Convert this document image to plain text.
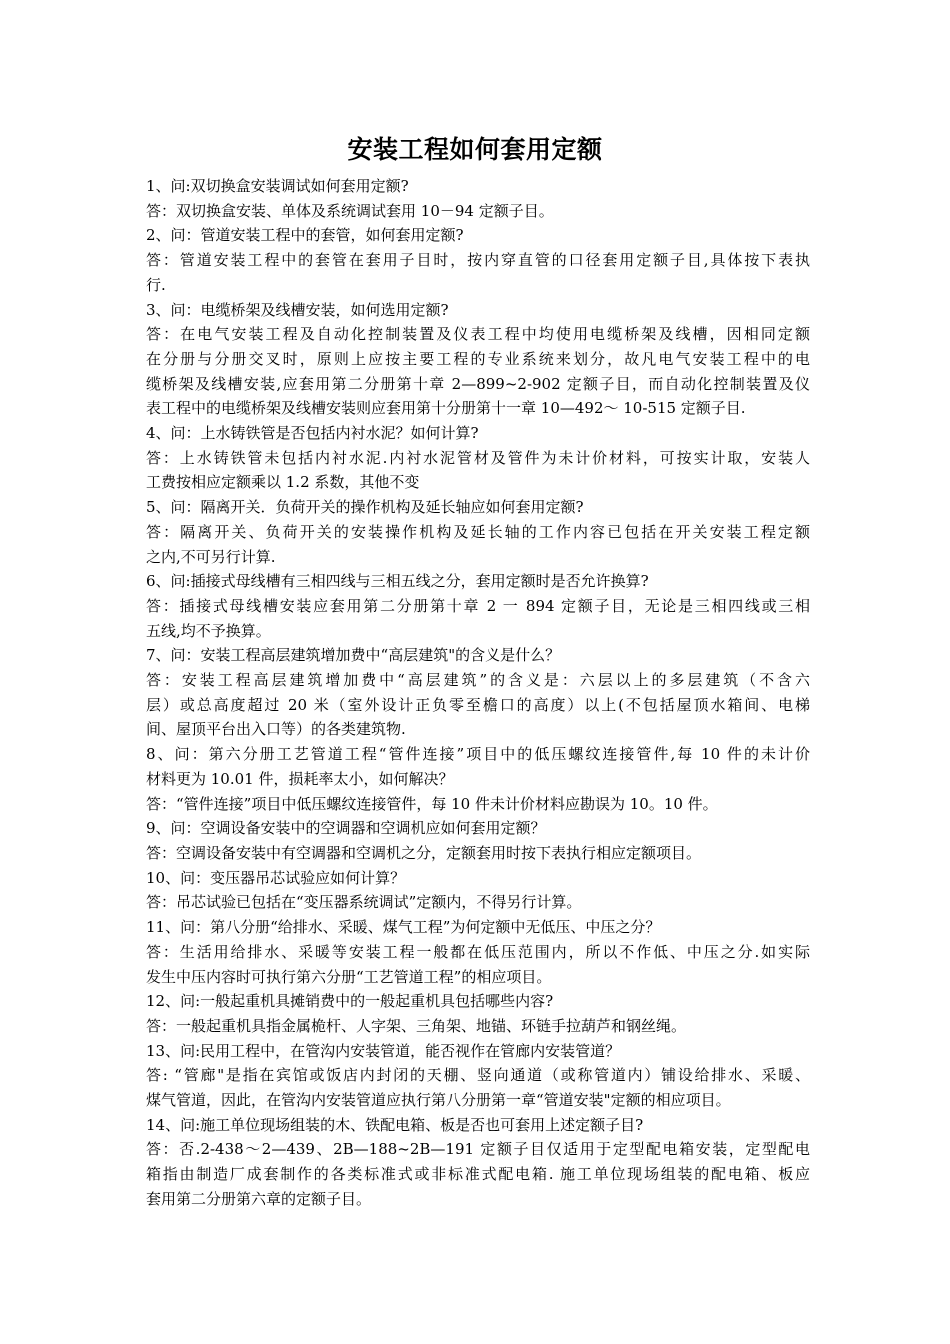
安装工程如何套用定额
1、问:双切换盒安装调试如何套用定额?
答：双切换盒安装、单体及系统调试套用 10－94 定额子目。
2、问：管道安装工程中的套管，如何套用定额?
答：管道安装工程中的套管在套用子目时，按内穿直管的口径套用定额子目,具体按下表执
行.
3、问：电缆桥架及线槽安装，如何选用定额?
答：在电气安装工程及自动化控制装置及仪表工程中均使用电缆桥架及线槽，因相同定额
在分册与分册交叉时，原则上应按主要工程的专业系统来划分，故凡电气安装工程中的电
缆桥架及线槽安装,应套用第二分册第十章 2—899~2-902 定额子目，而自动化控制装置及仪
表工程中的电缆桥架及线槽安装则应套用第十分册第十一章 10—492～ 10-515 定额子目.
4、问：上水铸铁管是否包括内衬水泥？如何计算?
答：上水铸铁管未包括内衬水泥.内衬水泥管材及管件为未计价材料，可按实计取，安装人
工费按相应定额乘以 1.2 系数，其他不变
5、问：隔离开关．负荷开关的操作机构及延长轴应如何套用定额?
答：隔离开关、负荷开关的安装操作机构及延长轴的工作内容已包括在开关安装工程定额
之内,不可另行计算.
6、问:插接式母线槽有三相四线与三相五线之分，套用定额时是否允许换算?
答：插接式母线槽安装应套用第二分册第十章 2 一 894 定额子目，无论是三相四线或三相
五线,均不予换算。
7、问：安装工程高层建筑增加费中“高层建筑"的含义是什么？
答：安装工程高层建筑增加费中“高层建筑”的含义是：六层以上的多层建筑（不含六
层）或总高度超过 20 米（室外设计正负零至檐口的高度）以上(不包括屋顶水箱间、电梯
间、屋顶平台出入口等）的各类建筑物.
8、问：第六分册工艺管道工程“管件连接”项目中的低压螺纹连接管件,每 10 件的未计价
材料更为 10.01 件，损耗率太小，如何解决？
答：“管件连接”项目中低压螺纹连接管件，每 10 件未计价材料应勘误为 10。10 件。
9、问：空调设备安装中的空调器和空调机应如何套用定额？
答：空调设备安装中有空调器和空调机之分，定额套用时按下表执行相应定额项目。
10、问：变压器吊芯试验应如何计算？
答：吊芯试验已包括在“变压器系统调试”定额内，不得另行计算。
11、问：第八分册“给排水、采暖、煤气工程”为何定额中无低压、中压之分？
答：生活用给排水、采暖等安装工程一般都在低压范围内，所以不作低、中压之分.如实际
发生中压内容时可执行第六分册“工艺管道工程”的相应项目。
12、问:一般起重机具摊销费中的一般起重机具包括哪些内容?
答：一般起重机具指金属桅杆、人字架、三角架、地锚、环链手拉葫芦和钢丝绳。
13、问:民用工程中，在管沟内安装管道，能否视作在管廊内安装管道？
答: “管廊"是指在宾馆或饭店内封闭的天棚、竖向通道（或称管道内）铺设给排水、采暖、
煤气管道，因此，在管沟内安装管道应执行第八分册第一章“管道安装"定额的相应项目。
14、问:施工单位现场组装的木、铁配电箱、板是否也可套用上述定额子目?
答：否.2-438～2—439、2B—188~2B—191 定额子目仅适用于定型配电箱安装，定型配电
箱指由制造厂成套制作的各类标准式或非标准式配电箱. 施工单位现场组装的配电箱、板应
套用第二分册第六章的定额子目。
